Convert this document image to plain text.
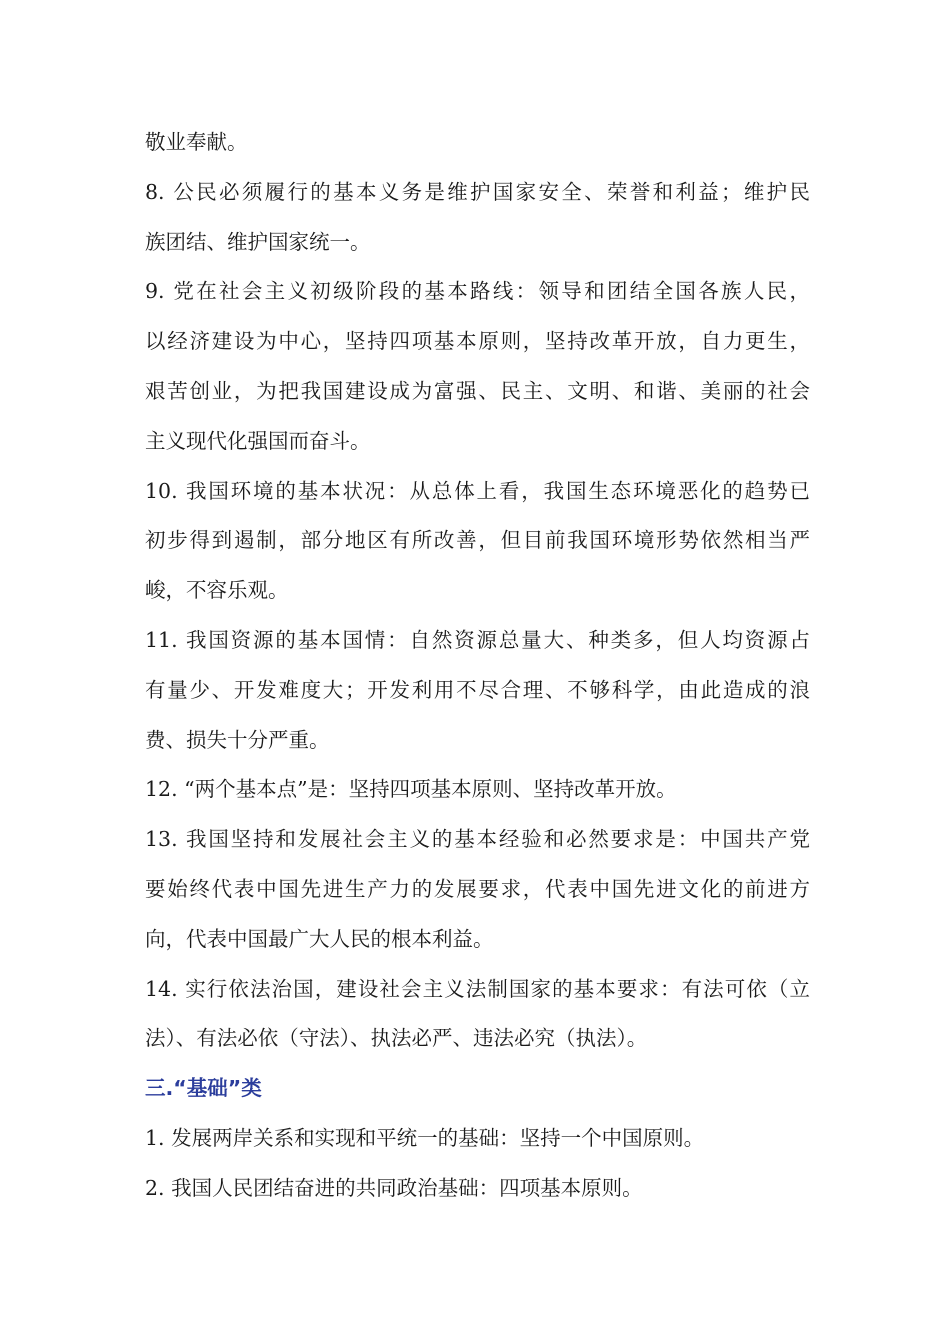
敬业奉献。
8. 公民必须履行的基本义务是维护国家安全、荣誉和利益；维护民
族团结、维护国家统一。
9. 党在社会主义初级阶段的基本路线：领导和团结全国各族人民，
以经济建设为中心，坚持四项基本原则，坚持改革开放，自力更生，
艰苦创业，为把我国建设成为富强、民主、文明、和谐、美丽的社会
主义现代化强国而奋斗。
10. 我国环境的基本状况：从总体上看，我国生态环境恶化的趋势已
初步得到遏制，部分地区有所改善，但目前我国环境形势依然相当严
峻，不容乐观。
11. 我国资源的基本国情：自然资源总量大、种类多，但人均资源占
有量少、开发难度大；开发利用不尽合理、不够科学，由此造成的浪
费、损失十分严重。
12. “两个基本点”是：坚持四项基本原则、坚持改革开放。
13. 我国坚持和发展社会主义的基本经验和必然要求是：中国共产党
要始终代表中国先进生产力的发展要求，代表中国先进文化的前进方
向，代表中国最广大人民的根本利益。
14. 实行依法治国，建设社会主义法制国家的基本要求：有法可依（立
法）、有法必依（守法）、执法必严、违法必究（执法）。
三.“基础”类
1. 发展两岸关系和实现和平统一的基础：坚持一个中国原则。
2. 我国人民团结奋进的共同政治基础：四项基本原则。
